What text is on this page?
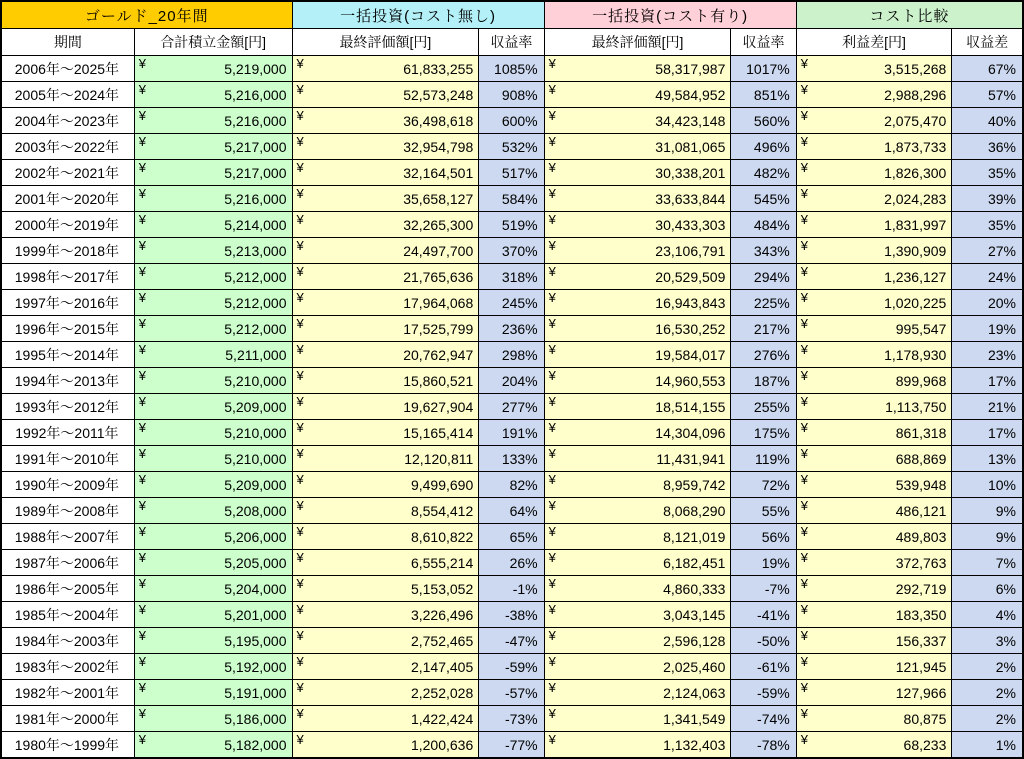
ゴールド_20年間		一括投資(コスト無し)		一括投資(コスト有り)		コスト比較	
期間	合計積立金額[円]	最終評価額[円]	収益率	最終評価額[円]	収益率	利益差[円]	収益差
2006年〜2025年	¥ 5,219,000	¥ 61,833,255	1085%	¥ 58,317,987	1017%	¥ 3,515,268	67%
2005年〜2024年	¥ 5,216,000	¥ 52,573,248	908%	¥ 49,584,952	851%	¥ 2,988,296	57%
2004年〜2023年	¥ 5,216,000	¥ 36,498,618	600%	¥ 34,423,148	560%	¥ 2,075,470	40%
2003年〜2022年	¥ 5,217,000	¥ 32,954,798	532%	¥ 31,081,065	496%	¥ 1,873,733	36%
2002年〜2021年	¥ 5,217,000	¥ 32,164,501	517%	¥ 30,338,201	482%	¥ 1,826,300	35%
2001年〜2020年	¥ 5,216,000	¥ 35,658,127	584%	¥ 33,633,844	545%	¥ 2,024,283	39%
2000年〜2019年	¥ 5,214,000	¥ 32,265,300	519%	¥ 30,433,303	484%	¥ 1,831,997	35%
1999年〜2018年	¥ 5,213,000	¥ 24,497,700	370%	¥ 23,106,791	343%	¥ 1,390,909	27%
1998年〜2017年	¥ 5,212,000	¥ 21,765,636	318%	¥ 20,529,509	294%	¥ 1,236,127	24%
1997年〜2016年	¥ 5,212,000	¥ 17,964,068	245%	¥ 16,943,843	225%	¥ 1,020,225	20%
1996年〜2015年	¥ 5,212,000	¥ 17,525,799	236%	¥ 16,530,252	217%	¥ 995,547	19%
1995年〜2014年	¥ 5,211,000	¥ 20,762,947	298%	¥ 19,584,017	276%	¥ 1,178,930	23%
1994年〜2013年	¥ 5,210,000	¥ 15,860,521	204%	¥ 14,960,553	187%	¥ 899,968	17%
1993年〜2012年	¥ 5,209,000	¥ 19,627,904	277%	¥ 18,514,155	255%	¥ 1,113,750	21%
1992年〜2011年	¥ 5,210,000	¥ 15,165,414	191%	¥ 14,304,096	175%	¥ 861,318	17%
1991年〜2010年	¥ 5,210,000	¥ 12,120,811	133%	¥ 11,431,941	119%	¥ 688,869	13%
1990年〜2009年	¥ 5,209,000	¥ 9,499,690	82%	¥ 8,959,742	72%	¥ 539,948	10%
1989年〜2008年	¥ 5,208,000	¥ 8,554,412	64%	¥ 8,068,290	55%	¥ 486,121	9%
1988年〜2007年	¥ 5,206,000	¥ 8,610,822	65%	¥ 8,121,019	56%	¥ 489,803	9%
1987年〜2006年	¥ 5,205,000	¥ 6,555,214	26%	¥ 6,182,451	19%	¥ 372,763	7%
1986年〜2005年	¥ 5,204,000	¥ 5,153,052	-1%	¥ 4,860,333	-7%	¥ 292,719	6%
1985年〜2004年	¥ 5,201,000	¥ 3,226,496	-38%	¥ 3,043,145	-41%	¥ 183,350	4%
1984年〜2003年	¥ 5,195,000	¥ 2,752,465	-47%	¥ 2,596,128	-50%	¥ 156,337	3%
1983年〜2002年	¥ 5,192,000	¥ 2,147,405	-59%	¥ 2,025,460	-61%	¥ 121,945	2%
1982年〜2001年	¥ 5,191,000	¥ 2,252,028	-57%	¥ 2,124,063	-59%	¥ 127,966	2%
1981年〜2000年	¥ 5,186,000	¥ 1,422,424	-73%	¥ 1,341,549	-74%	¥ 80,875	2%
1980年〜1999年	¥ 5,182,000	¥ 1,200,636	-77%	¥ 1,132,403	-78%	¥ 68,233	1%
